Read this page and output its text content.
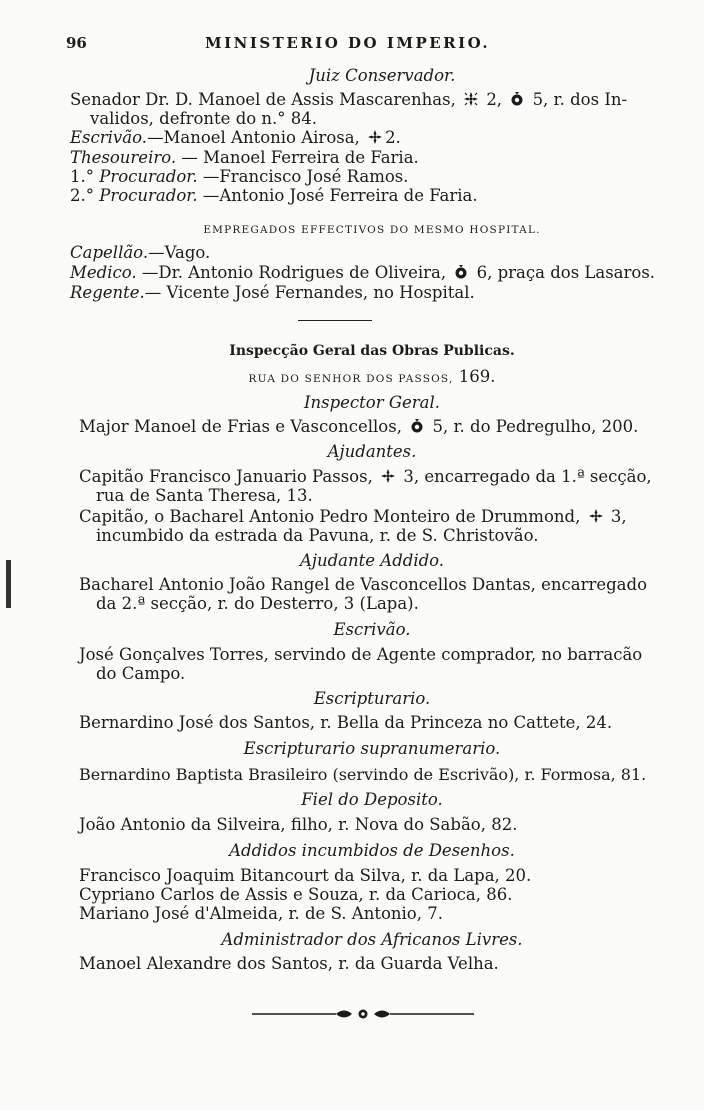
96	MINISTERIO DO IMPERIO.
Juiz Conservador.
Senador Dr. D. Manoel de Assis Mascarenhas, 2, 5, r. dos In-
validos, defronte do n.° 84.
Escrivão.—Manoel Antonio Airosa, 2.
Thesoureiro. — Manoel Ferreira de Faria.
1.° Procurador. —Francisco José Ramos.
2.° Procurador. —Antonio José Ferreira de Faria.
EMPREGADOS EFFECTIVOS DO MESMO HOSPITAL.
Capellão.—Vago.
Medico. —Dr. Antonio Rodrigues de Oliveira, 6, praça dos Lasaros.
Regente.— Vicente José Fernandes, no Hospital.
Inspecção Geral das Obras Publicas.
RUA DO SENHOR DOS PASSOS, 169.
Inspector Geral.
Major Manoel de Frias e Vasconcellos, 5, r. do Pedregulho, 200.
Ajudantes.
Capitão Francisco Januario Passos, 3, encarregado da 1.ª secção,
rua de Santa Theresa, 13.
Capitão, o Bacharel Antonio Pedro Monteiro de Drummond, 3,
incumbido da estrada da Pavuna, r. de S. Christovão.
Ajudante Addido.
Bacharel Antonio João Rangel de Vasconcellos Dantas, encarregado
da 2.ª secção, r. do Desterro, 3 (Lapa).
Escrivão.
José Gonçalves Torres, servindo de Agente comprador, no barracão
do Campo.
Escripturario.
Bernardino José dos Santos, r. Bella da Princeza no Cattete, 24.
Escripturario supranumerario.
Bernardino Baptista Brasileiro (servindo de Escrivão), r. Formosa, 81.
Fiel do Deposito.
João Antonio da Silveira, filho, r. Nova do Sabão, 82.
Addidos incumbidos de Desenhos.
Francisco Joaquim Bitancourt da Silva, r. da Lapa, 20.
Cypriano Carlos de Assis e Souza, r. da Carioca, 86.
Mariano José d'Almeida, r. de S. Antonio, 7.
Administrador dos Africanos Livres.
Manoel Alexandre dos Santos, r. da Guarda Velha.
